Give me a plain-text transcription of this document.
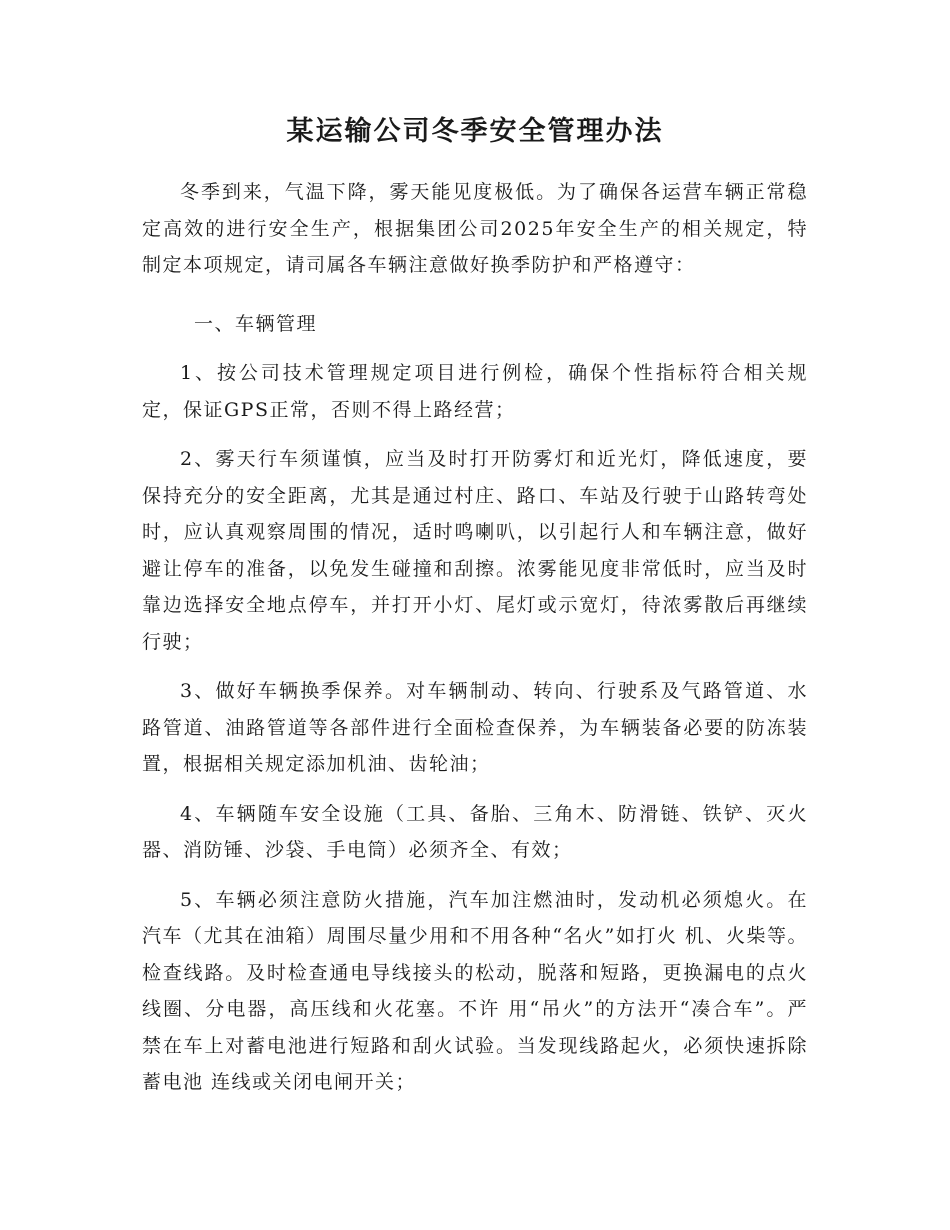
某运输公司冬季安全管理办法

冬季到来，气温下降，雾天能见度极低。为了确保各运营车辆正常稳定高效的进行安全生产，根据集团公司2025年安全生产的相关规定，特制定本项规定，请司属各车辆注意做好换季防护和严格遵守：

一、车辆管理

1、按公司技术管理规定项目进行例检，确保个性指标符合相关规定，保证GPS正常，否则不得上路经营；

2、雾天行车须谨慎，应当及时打开防雾灯和近光灯，降低速度，要保持充分的安全距离，尤其是通过村庄、路口、车站及行驶于山路转弯处时，应认真观察周围的情况，适时鸣喇叭，以引起行人和车辆注意，做好避让停车的准备，以免发生碰撞和刮擦。浓雾能见度非常低时，应当及时靠边选择安全地点停车，并打开小灯、尾灯或示宽灯，待浓雾散后再继续行驶；

3、做好车辆换季保养。对车辆制动、转向、行驶系及气路管道、水路管道、油路管道等各部件进行全面检查保养，为车辆装备必要的防冻装置，根据相关规定添加机油、齿轮油；

4、车辆随车安全设施（工具、备胎、三角木、防滑链、铁铲、灭火器、消防锤、沙袋、手电筒）必须齐全、有效；

5、车辆必须注意防火措施，汽车加注燃油时，发动机必须熄火。在汽车（尤其在油箱）周围尽量少用和不用各种“名火”如打火 机、火柴等。检查线路。及时检查通电导线接头的松动，脱落和短路，更换漏电的点火线圈、分电器，高压线和火花塞。不许 用“吊火”的方法开“凑合车”。严禁在车上对蓄电池进行短路和刮火试验。当发现线路起火，必须快速拆除蓄电池 连线或关闭电闸开关；
